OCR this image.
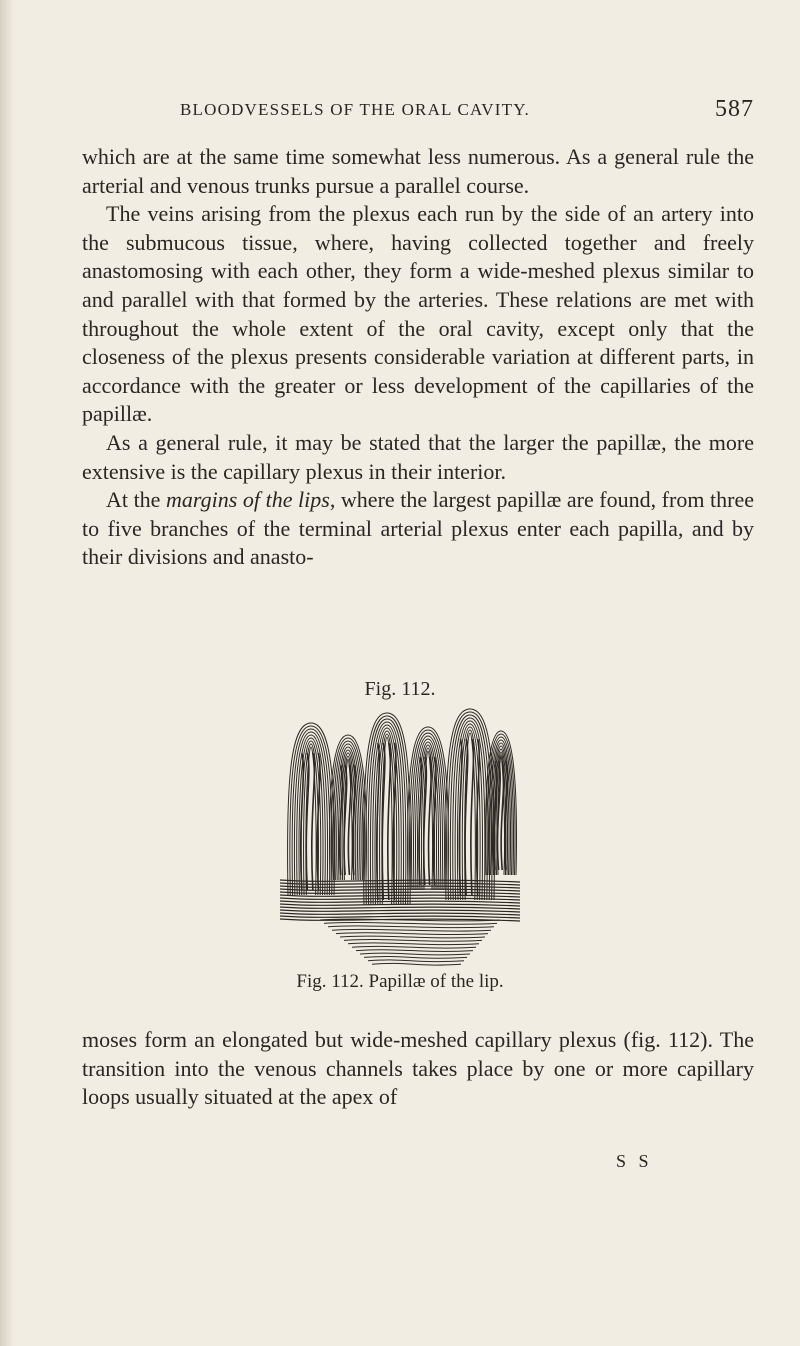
BLOODVESSELS OF THE ORAL CAVITY.	587

which are at the same time somewhat less numerous. As a general rule the arterial and venous trunks pursue a parallel course.

The veins arising from the plexus each run by the side of an artery into the submucous tissue, where, having collected together and freely anastomosing with each other, they form a wide-meshed plexus similar to and parallel with that formed by the arteries. These relations are met with throughout the whole extent of the oral cavity, except only that the closeness of the plexus presents considerable variation at different parts, in accordance with the greater or less development of the capillaries of the papillæ.

As a general rule, it may be stated that the larger the papillæ, the more extensive is the capillary plexus in their interior.

At the margins of the lips, where the largest papillæ are found, from three to five branches of the terminal arterial plexus enter each papilla, and by their divisions and anasto-

Fig. 112.
Fig. 112. Papillæ of the lip.

moses form an elongated but wide-meshed capillary plexus (fig. 112). The transition into the venous channels takes place by one or more capillary loops usually situated at the apex of

S S
